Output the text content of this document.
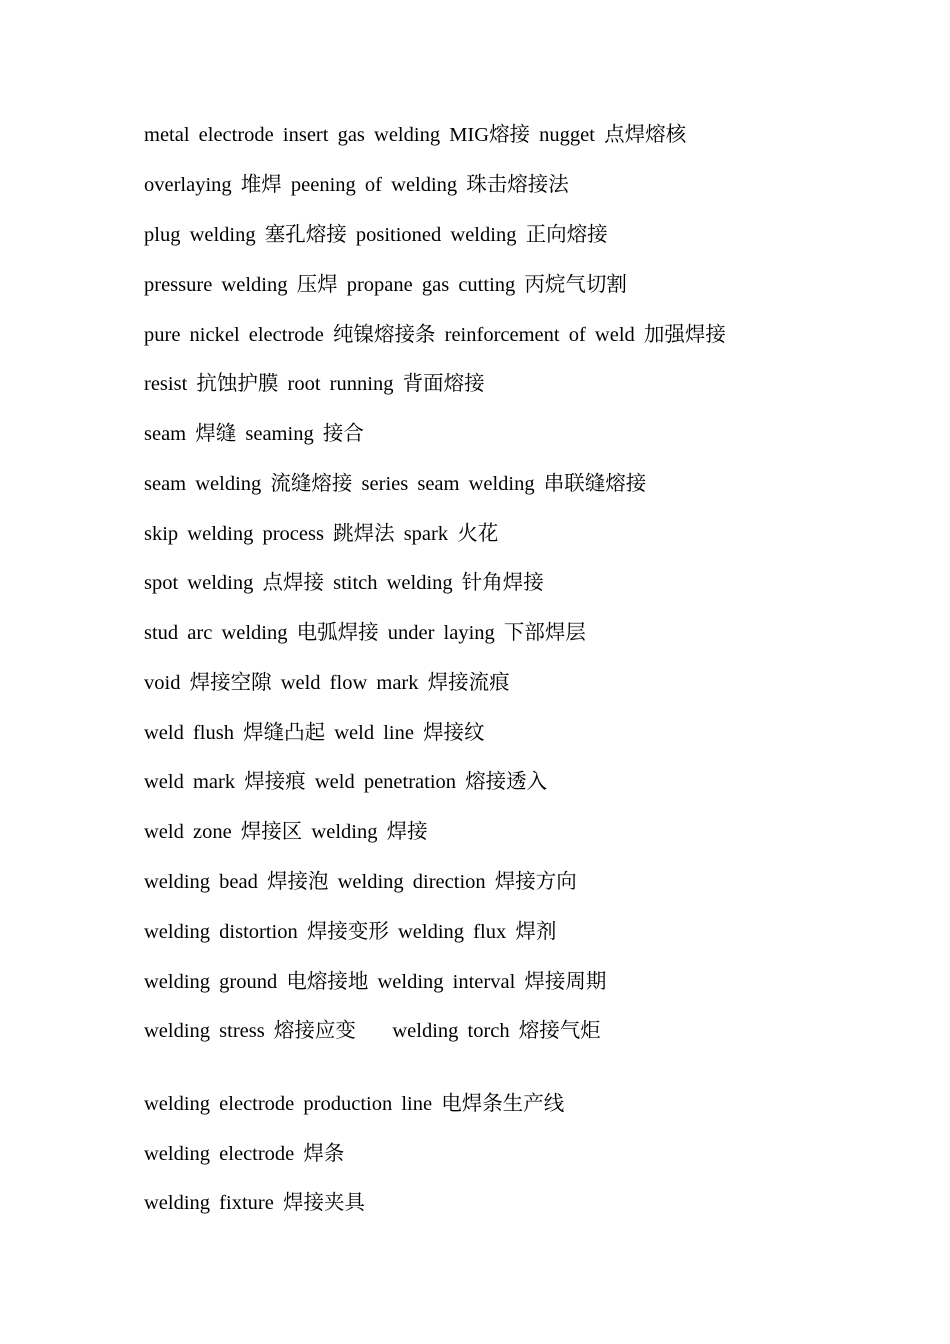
metal electrode insert gas welding MIG熔接 nugget 点焊熔核
overlaying 堆焊 peening of welding 珠击熔接法
plug welding 塞孔熔接 positioned welding 正向熔接
pressure welding 压焊 propane gas cutting 丙烷气切割
pure nickel electrode 纯镍熔接条 reinforcement of weld 加强焊接
resist 抗蚀护膜 root running 背面熔接
seam 焊缝 seaming 接合
seam welding 流缝熔接 series seam welding 串联缝熔接
skip welding process 跳焊法 spark 火花
spot welding 点焊接 stitch welding 针角焊接
stud arc welding 电弧焊接 under laying 下部焊层
void 焊接空隙 weld flow mark 焊接流痕
weld flush 焊缝凸起 weld line 焊接纹
weld mark 焊接痕 weld penetration 熔接透入
weld zone 焊接区 welding 焊接
welding bead 焊接泡 welding direction 焊接方向
welding distortion 焊接变形 welding flux 焊剂
welding ground 电熔接地 welding interval 焊接周期
welding stress 熔接应变    welding torch 熔接气炬
welding electrode production line 电焊条生产线
welding electrode 焊条
welding fixture 焊接夹具
